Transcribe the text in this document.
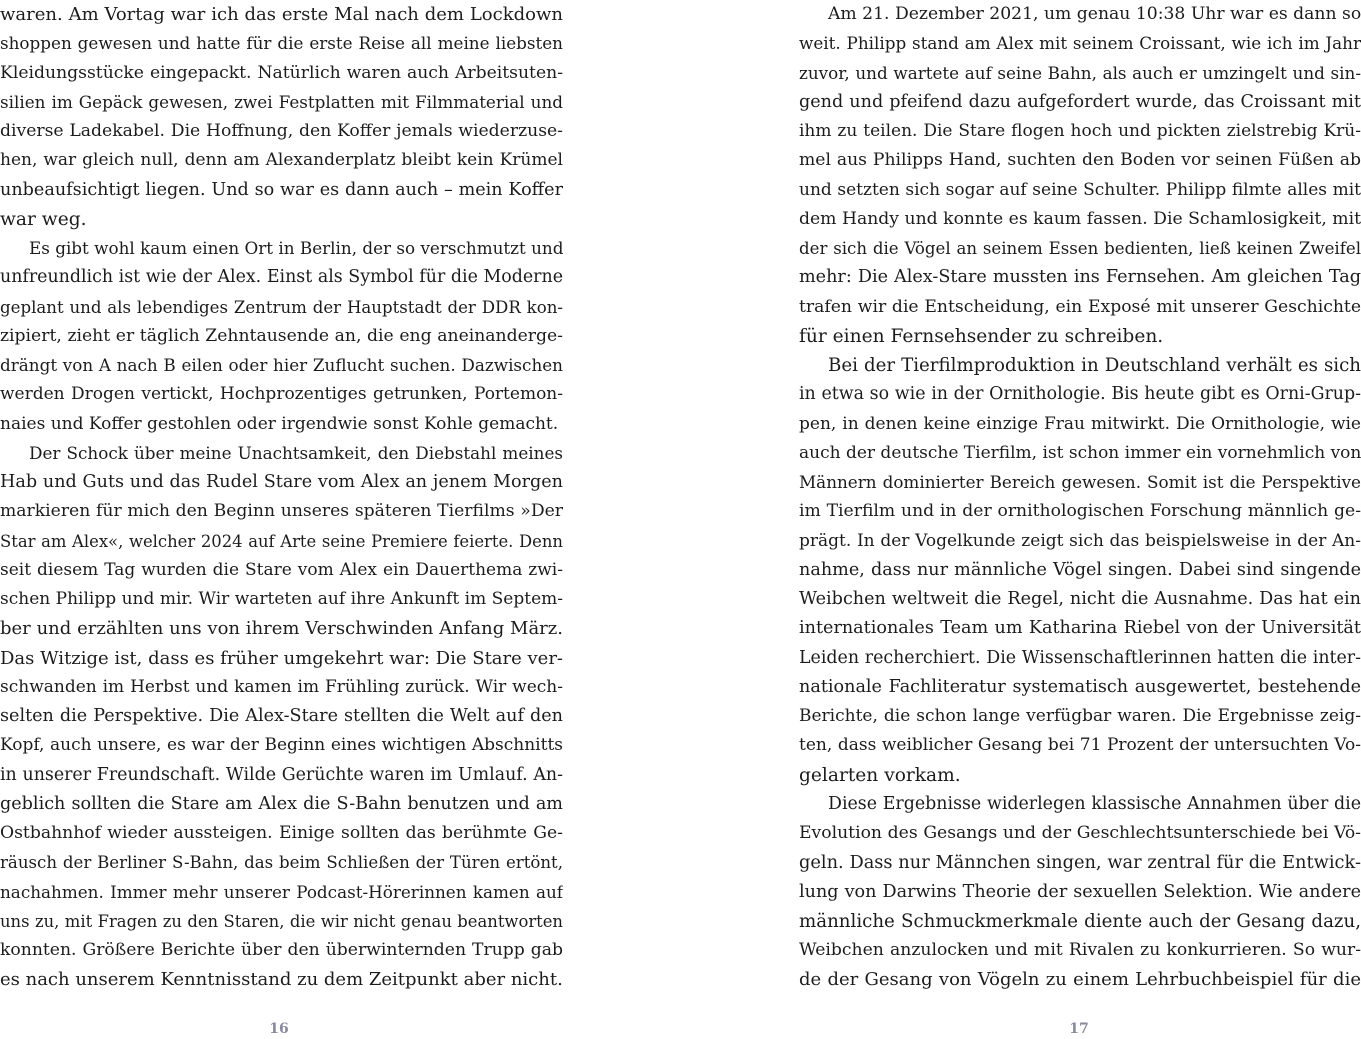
waren. Am Vortag war ich das erste Mal nach dem Lockdown
shoppen gewesen und hatte für die erste Reise all meine liebsten
Kleidungsstücke eingepackt. Natürlich waren auch Arbeitsuten-
silien im Gepäck gewesen, zwei Festplatten mit Filmmaterial und
diverse Ladekabel. Die Hoffnung, den Koffer jemals wiederzuse-
hen, war gleich null, denn am Alexanderplatz bleibt kein Krümel
unbeaufsichtigt liegen. Und so war es dann auch – mein Koffer
war weg.
Es gibt wohl kaum einen Ort in Berlin, der so verschmutzt und
unfreundlich ist wie der Alex. Einst als Symbol für die Moderne
geplant und als lebendiges Zentrum der Hauptstadt der DDR kon-
zipiert, zieht er täglich Zehntausende an, die eng aneinanderge-
drängt von A nach B eilen oder hier Zuflucht suchen. Dazwischen
werden Drogen vertickt, Hochprozentiges getrunken, Portemon-
naies und Koffer gestohlen oder irgendwie sonst Kohle gemacht.
Der Schock über meine Unachtsamkeit, den Diebstahl meines
Hab und Guts und das Rudel Stare vom Alex an jenem Morgen
markieren für mich den Beginn unseres späteren Tierfilms »Der
Star am Alex«, welcher 2024 auf Arte seine Premiere feierte. Denn
seit diesem Tag wurden die Stare vom Alex ein Dauerthema zwi-
schen Philipp und mir. Wir warteten auf ihre Ankunft im Septem-
ber und erzählten uns von ihrem Verschwinden Anfang März.
Das Witzige ist, dass es früher umgekehrt war: Die Stare ver-
schwanden im Herbst und kamen im Frühling zurück. Wir wech-
selten die Perspektive. Die Alex-Stare stellten die Welt auf den
Kopf, auch unsere, es war der Beginn eines wichtigen Abschnitts
in unserer Freundschaft. Wilde Gerüchte waren im Umlauf. An-
geblich sollten die Stare am Alex die S-Bahn benutzen und am
Ostbahnhof wieder aussteigen. Einige sollten das berühmte Ge-
räusch der Berliner S-Bahn, das beim Schließen der Türen ertönt,
nachahmen. Immer mehr unserer Podcast-Hörerinnen kamen auf
uns zu, mit Fragen zu den Staren, die wir nicht genau beantworten
konnten. Größere Berichte über den überwinternden Trupp gab
es nach unserem Kenntnisstand zu dem Zeitpunkt aber nicht.
16
Am 21. Dezember 2021, um genau 10:38 Uhr war es dann so
weit. Philipp stand am Alex mit seinem Croissant, wie ich im Jahr
zuvor, und wartete auf seine Bahn, als auch er umzingelt und sin-
gend und pfeifend dazu aufgefordert wurde, das Croissant mit
ihm zu teilen. Die Stare flogen hoch und pickten zielstrebig Krü-
mel aus Philipps Hand, suchten den Boden vor seinen Füßen ab
und setzten sich sogar auf seine Schulter. Philipp filmte alles mit
dem Handy und konnte es kaum fassen. Die Schamlosigkeit, mit
der sich die Vögel an seinem Essen bedienten, ließ keinen Zweifel
mehr: Die Alex-Stare mussten ins Fernsehen. Am gleichen Tag
trafen wir die Entscheidung, ein Exposé mit unserer Geschichte
für einen Fernsehsender zu schreiben.
Bei der Tierfilmproduktion in Deutschland verhält es sich
in etwa so wie in der Ornithologie. Bis heute gibt es Orni-Grup-
pen, in denen keine einzige Frau mitwirkt. Die Ornithologie, wie
auch der deutsche Tierfilm, ist schon immer ein vornehmlich von
Männern dominierter Bereich gewesen. Somit ist die Perspektive
im Tierfilm und in der ornithologischen Forschung männlich ge-
prägt. In der Vogelkunde zeigt sich das beispielsweise in der An-
nahme, dass nur männliche Vögel singen. Dabei sind singende
Weibchen weltweit die Regel, nicht die Ausnahme. Das hat ein
internationales Team um Katharina Riebel von der Universität
Leiden recherchiert. Die Wissenschaftlerinnen hatten die inter-
nationale Fachliteratur systematisch ausgewertet, bestehende
Berichte, die schon lange verfügbar waren. Die Ergebnisse zeig-
ten, dass weiblicher Gesang bei 71 Prozent der untersuchten Vo-
gelarten vorkam.
Diese Ergebnisse widerlegen klassische Annahmen über die
Evolution des Gesangs und der Geschlechtsunterschiede bei Vö-
geln. Dass nur Männchen singen, war zentral für die Entwick-
lung von Darwins Theorie der sexuellen Selektion. Wie andere
männliche Schmuckmerkmale diente auch der Gesang dazu,
Weibchen anzulocken und mit Rivalen zu konkurrieren. So wur-
de der Gesang von Vögeln zu einem Lehrbuchbeispiel für die
17
